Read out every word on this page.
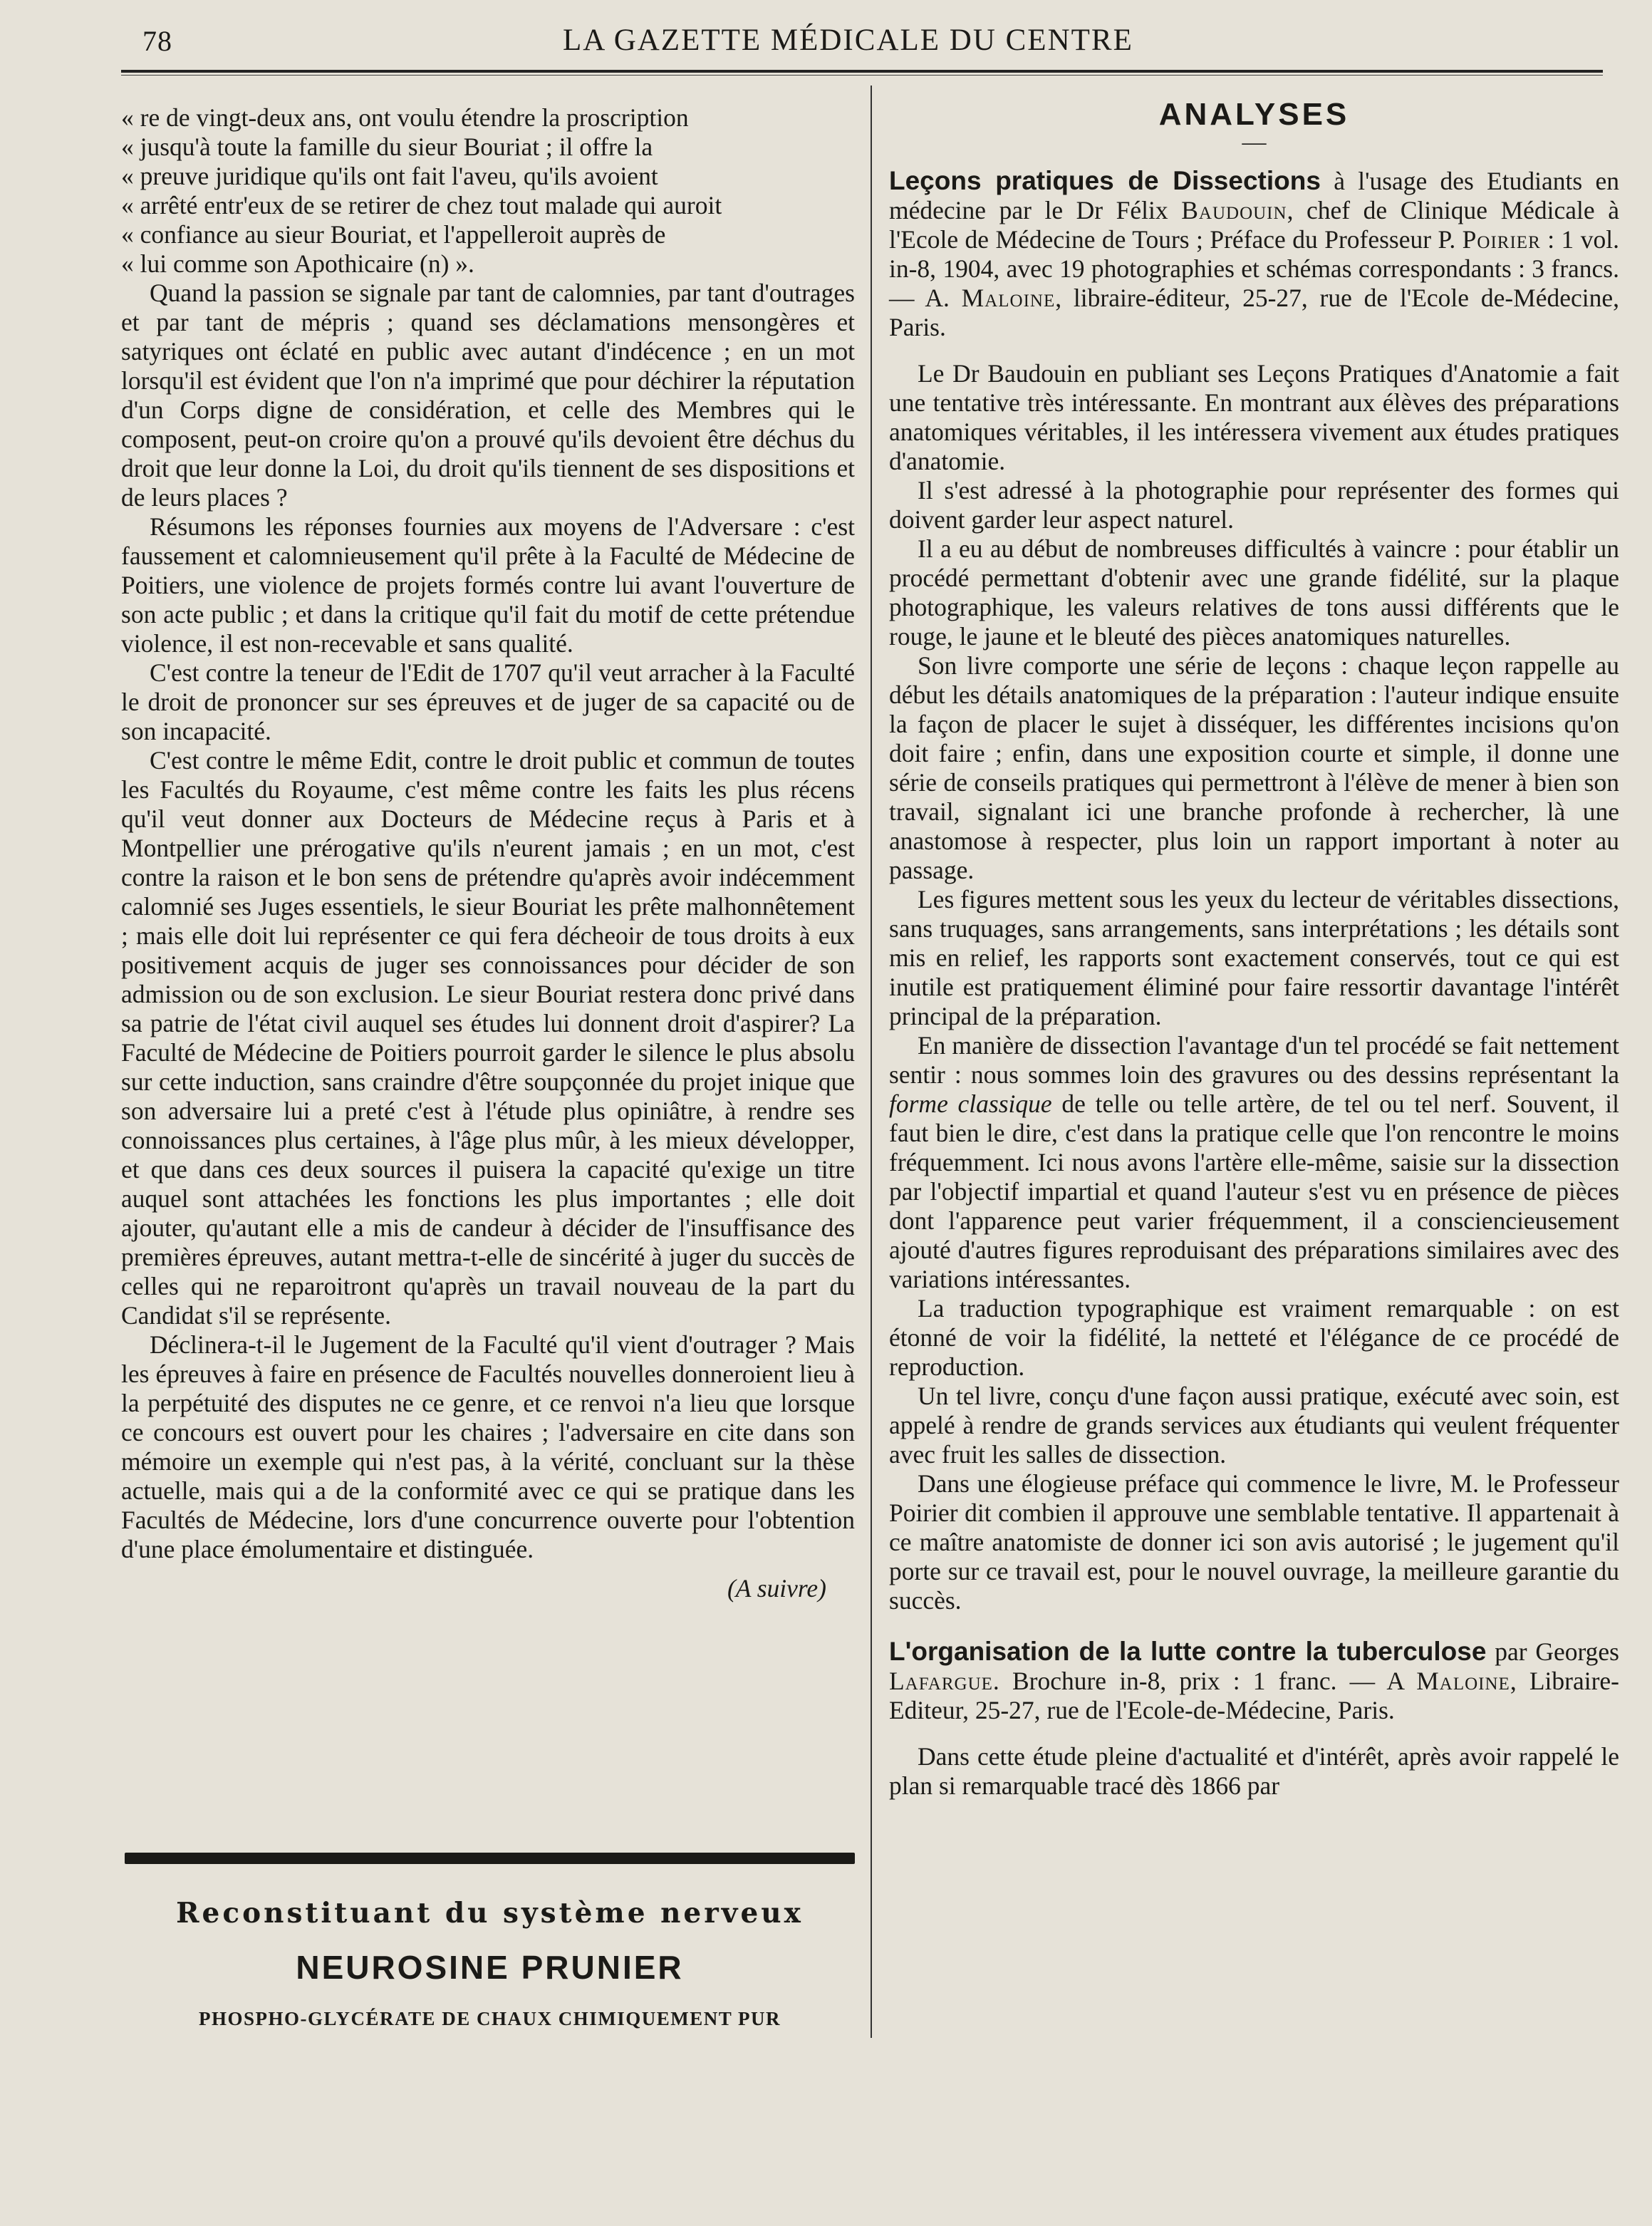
78	LA GAZETTE MÉDICALE DU CENTRE

« re de vingt-deux ans, ont voulu étendre la proscription

« jusqu'à toute la famille du sieur Bouriat ; il offre la

« preuve juridique qu'ils ont fait l'aveu, qu'ils avoient

« arrêté entr'eux de se retirer de chez tout malade qui auroit

« confiance au sieur Bouriat, et l'appelleroit auprès de

« lui comme son Apothicaire (n) ».

Quand la passion se signale par tant de calomnies, par tant d'outrages et par tant de mépris ; quand ses déclamations mensongères et satyriques ont éclaté en public avec autant d'indécence ; en un mot lorsqu'il est évident que l'on n'a imprimé que pour déchirer la réputation d'un Corps digne de considération, et celle des Membres qui le composent, peut-on croire qu'on a prouvé qu'ils devoient être déchus du droit que leur donne la Loi, du droit qu'ils tiennent de ses dispositions et de leurs places ?

Résumons les réponses fournies aux moyens de l'Adversare : c'est faussement et calomnieusement qu'il prête à la Faculté de Médecine de Poitiers, une violence de projets formés contre lui avant l'ouverture de son acte public ; et dans la critique qu'il fait du motif de cette prétendue violence, il est non-recevable et sans qualité.

C'est contre la teneur de l'Edit de 1707 qu'il veut arracher à la Faculté le droit de prononcer sur ses épreuves et de juger de sa capacité ou de son incapacité.

C'est contre le même Edit, contre le droit public et commun de toutes les Facultés du Royaume, c'est même contre les faits les plus récens qu'il veut donner aux Docteurs de Médecine reçus à Paris et à Montpellier une prérogative qu'ils n'eurent jamais ; en un mot, c'est contre la raison et le bon sens de prétendre qu'après avoir indécemment calomnié ses Juges essentiels, le sieur Bouriat les prête malhonnêtement ; mais elle doit lui représenter ce qui fera décheoir de tous droits à eux positivement acquis de juger ses connoissances pour décider de son admission ou de son exclusion. Le sieur Bouriat restera donc privé dans sa patrie de l'état civil auquel ses études lui donnent droit d'aspirer? La Faculté de Médecine de Poitiers pourroit garder le silence le plus absolu sur cette induction, sans craindre d'être soupçonnée du projet inique que son adversaire lui a preté c'est à l'étude plus opiniâtre, à rendre ses connoissances plus certaines, à l'âge plus mûr, à les mieux développer, et que dans ces deux sources il puisera la capacité qu'exige un titre auquel sont attachées les fonctions les plus importantes ; elle doit ajouter, qu'autant elle a mis de candeur à décider de l'insuffisance des premières épreuves, autant mettra-t-elle de sincérité à juger du succès de celles qui ne reparoitront qu'après un travail nouveau de la part du Candidat s'il se représente.

Déclinera-t-il le Jugement de la Faculté qu'il vient d'outrager ? Mais les épreuves à faire en présence de Facultés nouvelles donneroient lieu à la perpétuité des disputes ne ce genre, et ce renvoi n'a lieu que lorsque ce concours est ouvert pour les chaires ; l'adversaire en cite dans son mémoire un exemple qui n'est pas, à la vérité, concluant sur la thèse actuelle, mais qui a de la conformité avec ce qui se pratique dans les Facultés de Médecine, lors d'une concurrence ouverte pour l'obtention d'une place émolumentaire et distinguée.

(A suivre)
Reconstituant du système nerveux
NEUROSINE PRUNIER
PHOSPHO-GLYCÉRATE DE CHAUX CHIMIQUEMENT PUR
ANALYSES
—

Leçons pratiques de Dissections à l'usage des Etudiants en médecine par le Dr Félix Baudouin, chef de Clinique Médicale à l'Ecole de Médecine de Tours ; Préface du Professeur P. Poirier : 1 vol. in-8, 1904, avec 19 photographies et schémas correspondants : 3 francs. — A. Maloine, libraire-éditeur, 25-27, rue de l'Ecole de-Médecine, Paris.

Le Dr Baudouin en publiant ses Leçons Pratiques d'Anatomie a fait une tentative très intéressante. En montrant aux élèves des préparations anatomiques véritables, il les intéressera vivement aux études pratiques d'anatomie.

Il s'est adressé à la photographie pour représenter des formes qui doivent garder leur aspect naturel.

Il a eu au début de nombreuses difficultés à vaincre : pour établir un procédé permettant d'obtenir avec une grande fidélité, sur la plaque photographique, les valeurs relatives de tons aussi différents que le rouge, le jaune et le bleuté des pièces anatomiques naturelles.

Son livre comporte une série de leçons : chaque leçon rappelle au début les détails anatomiques de la préparation : l'auteur indique ensuite la façon de placer le sujet à disséquer, les différentes incisions qu'on doit faire ; enfin, dans une exposition courte et simple, il donne une série de conseils pratiques qui permettront à l'élève de mener à bien son travail, signalant ici une branche profonde à rechercher, là une anastomose à respecter, plus loin un rapport important à noter au passage.

Les figures mettent sous les yeux du lecteur de véritables dissections, sans truquages, sans arrangements, sans interprétations ; les détails sont mis en relief, les rapports sont exactement conservés, tout ce qui est inutile est pratiquement éliminé pour faire ressortir davantage l'intérêt principal de la préparation.

En manière de dissection l'avantage d'un tel procédé se fait nettement sentir : nous sommes loin des gravures ou des dessins représentant la forme classique de telle ou telle artère, de tel ou tel nerf. Souvent, il faut bien le dire, c'est dans la pratique celle que l'on rencontre le moins fréquemment. Ici nous avons l'artère elle-même, saisie sur la dissection par l'objectif impartial et quand l'auteur s'est vu en présence de pièces dont l'apparence peut varier fréquemment, il a consciencieusement ajouté d'autres figures reproduisant des préparations similaires avec des variations intéressantes.

La traduction typographique est vraiment remarquable : on est étonné de voir la fidélité, la netteté et l'élégance de ce procédé de reproduction.

Un tel livre, conçu d'une façon aussi pratique, exécuté avec soin, est appelé à rendre de grands services aux étudiants qui veulent fréquenter avec fruit les salles de dissection.

Dans une élogieuse préface qui commence le livre, M. le Professeur Poirier dit combien il approuve une semblable tentative. Il appartenait à ce maître anatomiste de donner ici son avis autorisé ; le jugement qu'il porte sur ce travail est, pour le nouvel ouvrage, la meilleure garantie du succès.

L'organisation de la lutte contre la tuberculose par Georges Lafargue. Brochure in-8, prix : 1 franc. — A Maloine, Libraire-Editeur, 25-27, rue de l'Ecole-de-Médecine, Paris.

Dans cette étude pleine d'actualité et d'intérêt, après avoir rappelé le plan si remarquable tracé dès 1866 par
